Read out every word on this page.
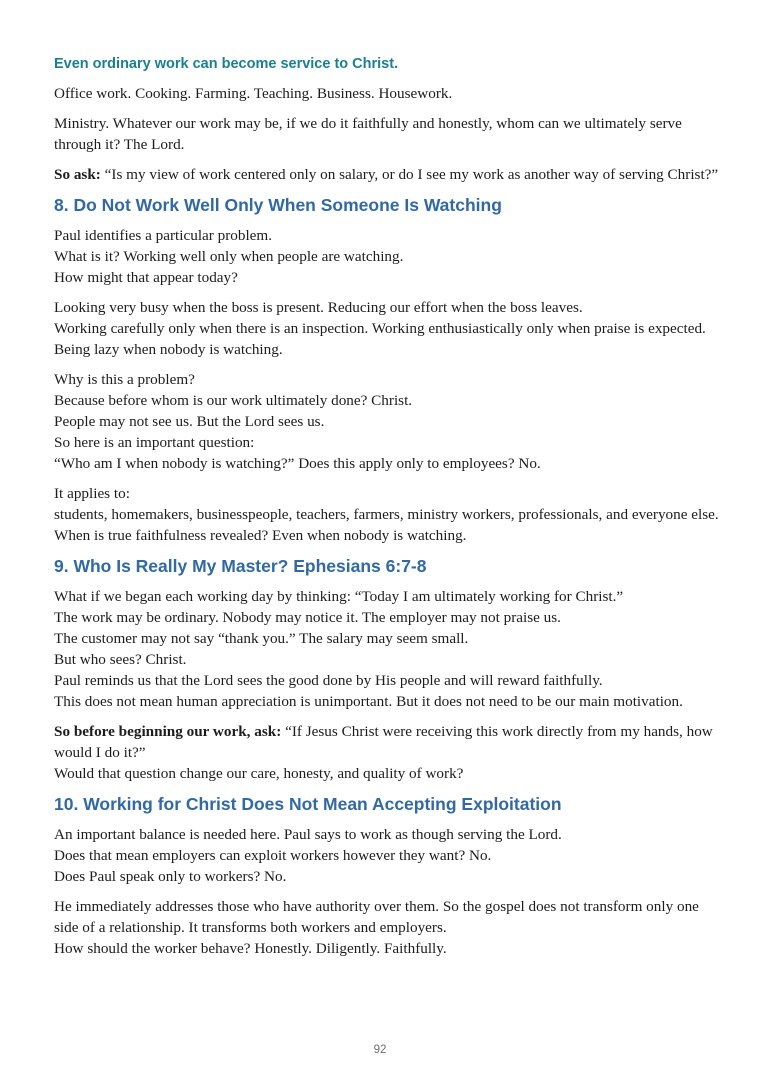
Even ordinary work can become service to Christ.

Office work. Cooking. Farming. Teaching. Business. Housework.

Ministry. Whatever our work may be, if we do it faithfully and honestly, whom can we ultimately serve through it? The Lord.

So ask: “Is my view of work centered only on salary, or do I see my work as another way of serving Christ?”

8. Do Not Work Well Only When Someone Is Watching

Paul identifies a particular problem.
What is it? Working well only when people are watching.
How might that appear today?

Looking very busy when the boss is present. Reducing our effort when the boss leaves.
Working carefully only when there is an inspection. Working enthusiastically only when praise is expected. Being lazy when nobody is watching.

Why is this a problem?
Because before whom is our work ultimately done? Christ.
People may not see us. But the Lord sees us.
So here is an important question:
“Who am I when nobody is watching?” Does this apply only to employees? No.

It applies to:
students, homemakers, businesspeople, teachers, farmers, ministry workers, professionals, and everyone else.
When is true faithfulness revealed? Even when nobody is watching.

9. Who Is Really My Master? Ephesians 6:7-8

What if we began each working day by thinking: “Today I am ultimately working for Christ.”
The work may be ordinary. Nobody may notice it. The employer may not praise us.
The customer may not say “thank you.” The salary may seem small.
But who sees? Christ.
Paul reminds us that the Lord sees the good done by His people and will reward faithfully.
This does not mean human appreciation is unimportant. But it does not need to be our main motivation.

So before beginning our work, ask: “If Jesus Christ were receiving this work directly from my hands, how would I do it?”
Would that question change our care, honesty, and quality of work?

10. Working for Christ Does Not Mean Accepting Exploitation

An important balance is needed here. Paul says to work as though serving the Lord.
Does that mean employers can exploit workers however they want? No.
Does Paul speak only to workers? No.

He immediately addresses those who have authority over them. So the gospel does not transform only one side of a relationship. It transforms both workers and employers.
How should the worker behave? Honestly. Diligently. Faithfully.

92
